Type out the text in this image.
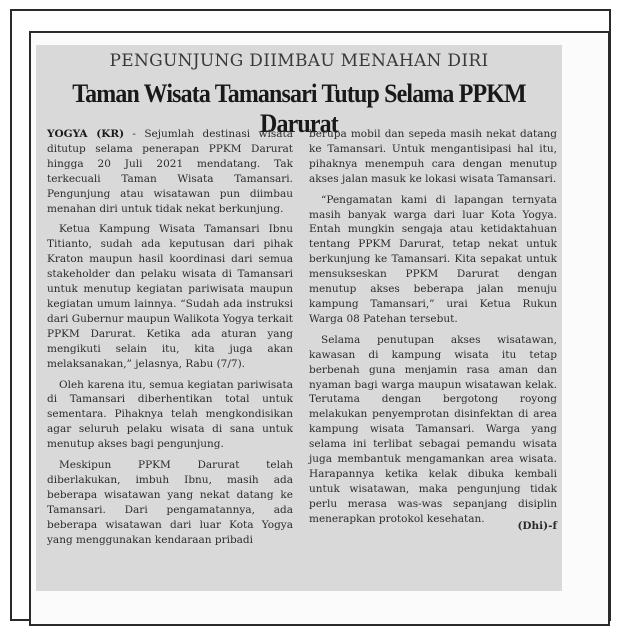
PENGUNJUNG DIIMBAU MENAHAN DIRI
Taman Wisata Tamansari Tutup Selama PPKM Darurat

YOGYA (KR) - Sejumlah destinasi wisata ditutup selama penerapan PPKM Darurat hingga 20 Juli 2021 mendatang. Tak terkecuali Taman Wisata Tamansari. Pengunjung atau wisatawan pun diimbau menahan diri untuk tidak nekat berkunjung.

Ketua Kampung Wisata Tamansari Ibnu Titianto, sudah ada keputusan dari pihak Kraton maupun hasil koordinasi dari semua stakeholder dan pelaku wisata di Tamansari untuk menutup kegiatan pariwisata maupun kegiatan umum lainnya. “Sudah ada instruksi dari Gubernur maupun Walikota Yogya terkait PPKM Darurat. Ketika ada aturan yang mengikuti selain itu, kita juga akan melaksanakan,” jelasnya, Rabu (7/7).

Oleh karena itu, semua kegiatan pariwisata di Tamansari diberhentikan total untuk sementara. Pihaknya telah mengkondisikan agar seluruh pelaku wisata di sana untuk menutup akses bagi pengunjung.

Meskipun PPKM Darurat telah diberlakukan, imbuh Ibnu, masih ada beberapa wisatawan yang nekat datang ke Tamansari. Dari pengamatannya, ada beberapa wisatawan dari luar Kota Yogya yang menggunakan kendaraan pribadi

berupa mobil dan sepeda masih nekat datang ke Tamansari. Untuk mengantisipasi hal itu, pihaknya menempuh cara dengan menutup akses jalan masuk ke lokasi wisata Tamansari.

“Pengamatan kami di lapangan ternyata masih banyak warga dari luar Kota Yogya. Entah mungkin sengaja atau ketidaktahuan tentang PPKM Darurat, tetap nekat untuk berkunjung ke Tamansari. Kita sepakat untuk mensukseskan PPKM Darurat dengan menutup akses beberapa jalan menuju kampung Tamansari,” urai Ketua Rukun Warga 08 Patehan tersebut.

Selama penutupan akses wisatawan, kawasan di kampung wisata itu tetap berbenah guna menjamin rasa aman dan nyaman bagi warga maupun wisatawan kelak. Terutama dengan bergotong royong melakukan penyemprotan disinfektan di area kampung wisata Tamansari. Warga yang selama ini terlibat sebagai pemandu wisata juga membantuk mengamankan area wisata. Harapannya ketika kelak dibuka kembali untuk wisatawan, maka pengunjung tidak perlu merasa was-was sepanjang disiplin menerapkan protokol kesehatan.

(Dhi)-f
